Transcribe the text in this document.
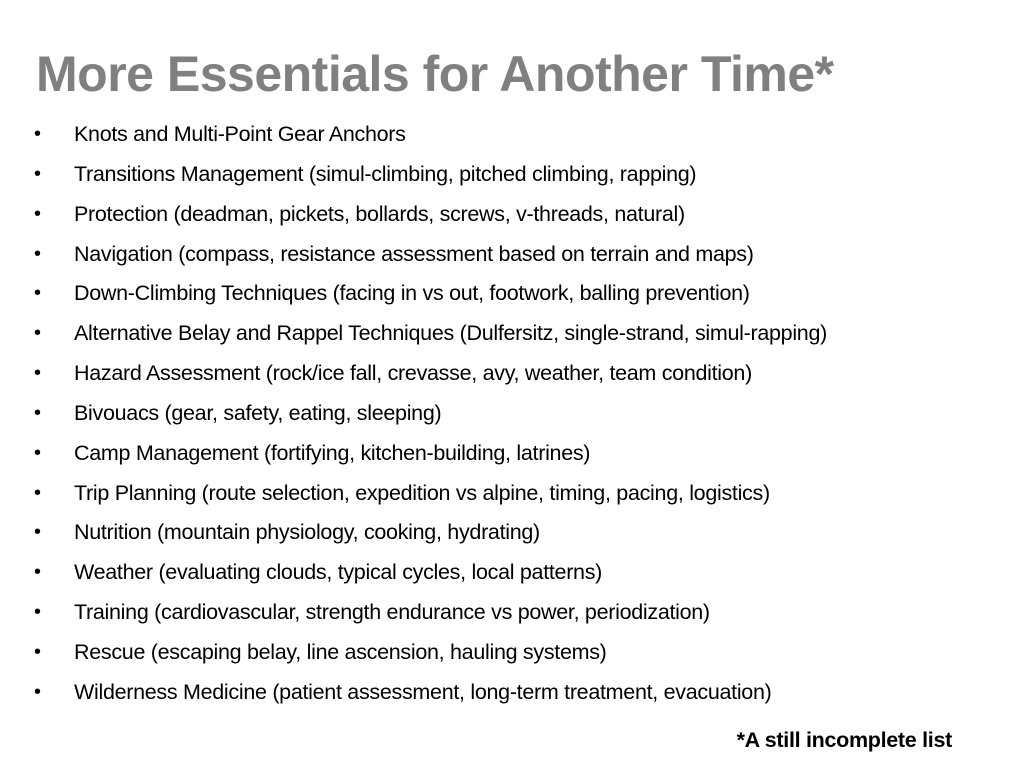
More Essentials for Another Time*
•	Knots and Multi-Point Gear Anchors
•	Transitions Management (simul-climbing, pitched climbing, rapping)
•	Protection (deadman, pickets, bollards, screws, v-threads, natural)
•	Navigation (compass, resistance assessment based on terrain and maps)
•	Down-Climbing Techniques (facing in vs out, footwork, balling prevention)
•	Alternative Belay and Rappel Techniques (Dulfersitz, single-strand, simul-rapping)
•	Hazard Assessment (rock/ice fall, crevasse, avy, weather, team condition)
•	Bivouacs (gear, safety, eating, sleeping)
•	Camp Management (fortifying, kitchen-building, latrines)
•	Trip Planning (route selection, expedition vs alpine, timing, pacing, logistics)
•	Nutrition (mountain physiology, cooking, hydrating)
•	Weather (evaluating clouds, typical cycles, local patterns)
•	Training (cardiovascular, strength endurance vs power, periodization)
•	Rescue (escaping belay, line ascension, hauling systems)
•	Wilderness Medicine (patient assessment, long-term treatment, evacuation)
*A still incomplete list
